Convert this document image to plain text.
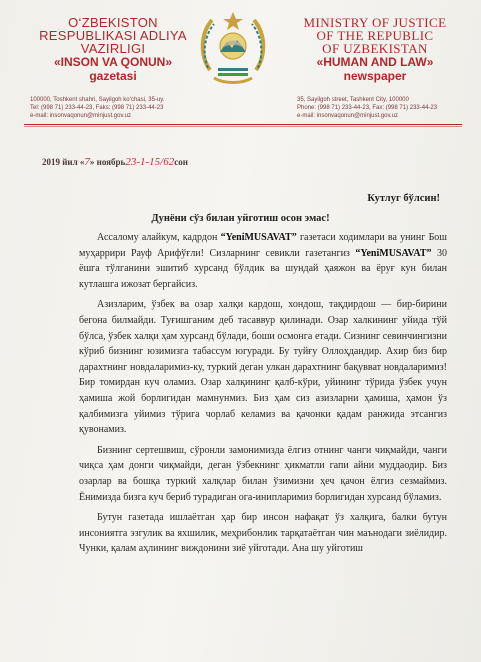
O‘ZBEKISTON
RESPUBLIKASI ADLIYA
VAZIRLIGI
«INSON VA QONUN»
gazetasi
MINISTRY OF JUSTICE
OF THE REPUBLIC
OF UZBEKISTAN
«HUMAN AND LAW»
newspaper
100000, Toshkent shahri, Sayilgoh ko‘chasi, 35-uy.
Tel: (998 71) 233-44-23, Faks: (998 71) 233-44-23
e-mail: insonvaqonun@minjust.gov.uz
35, Sayilgoh street, Tashkent City, 100000
Phone: (998 71) 233-44-23, Fax: (998 71) 233-44-23
e-mail: insonvaqonun@minjust.gov.uz
2019 йил «7» ноябрь23-1-15/62сон
Кутлуг бўлсин!
Дунёни сўз билан уйготиш осон эмас!

Ассалому алайкум, кадрдон “YeniMUSAVAT” газетаси ходимлари ва унинг Бош муҳаррири Рауф Арифўғли! Сизларнинг севикли газетангиз “YeniMUSAVAT” 30 ёшга тўлганини эшитиб хурсанд бўлдик ва шундай ҳаяжон ва ёруғ кун билан кутлашга ижозат бергайсиз.

Азизларим, ўзбек ва озар халқи кардош, хондош, тақдирдош — бир-бирини бегона билмайди. Туғишганим деб тасаввур қилинади. Озар халкининг уйида тўй бўлса, ўзбек халқи ҳам хурсанд бўлади, боши осмонга етади. Сизнинг севинчингизни кўриб бизнинг юзимизга табассум югуради. Бу туйғу Оллоҳдандир. Ахир биз бир дарахтнинг новдаларимиз-ку, туркий деган улкан дарахтнинг бақувват новдаларимиз! Бир томирдан куч оламиз. Озар халқининг қалб-кўри, уйининг тўрида ўзбек учун ҳамиша жой борлигидан мамнунмиз. Биз ҳам сиз азизларни ҳамиша, ҳамон ўз қалбимизга уйимиз тўрига чорлаб келамиз ва қачонки қадам ранжида этсангиз қувонамиз.

Бизнинг сертешвиш, сўронли замонимизда ёлгиз отнинг чанги чиқмайди, чанги чиқса ҳам донги чиқмайди, деган ўзбекнинг ҳикматли гапи айни муддаодир. Биз озарлар ва бошқа туркий халқлар билан ўзимизни ҳеч қачон ёлгиз сезмаймиз. Ёнимизда бизга куч бериб турадиган ога-инипларимиз борлигидан хурсанд бўламиз.

Бутун газетада ишлаётган ҳар бир инсон нафақат ўз халқига, балки бутун инсониятга эзгулик ва яхшилик, меҳрибонлик тарқатаётган чин маънодаги зиёлидир. Чунки, қалам аҳлининг виждонини зиё уйготади. Ана шу уйготиш
